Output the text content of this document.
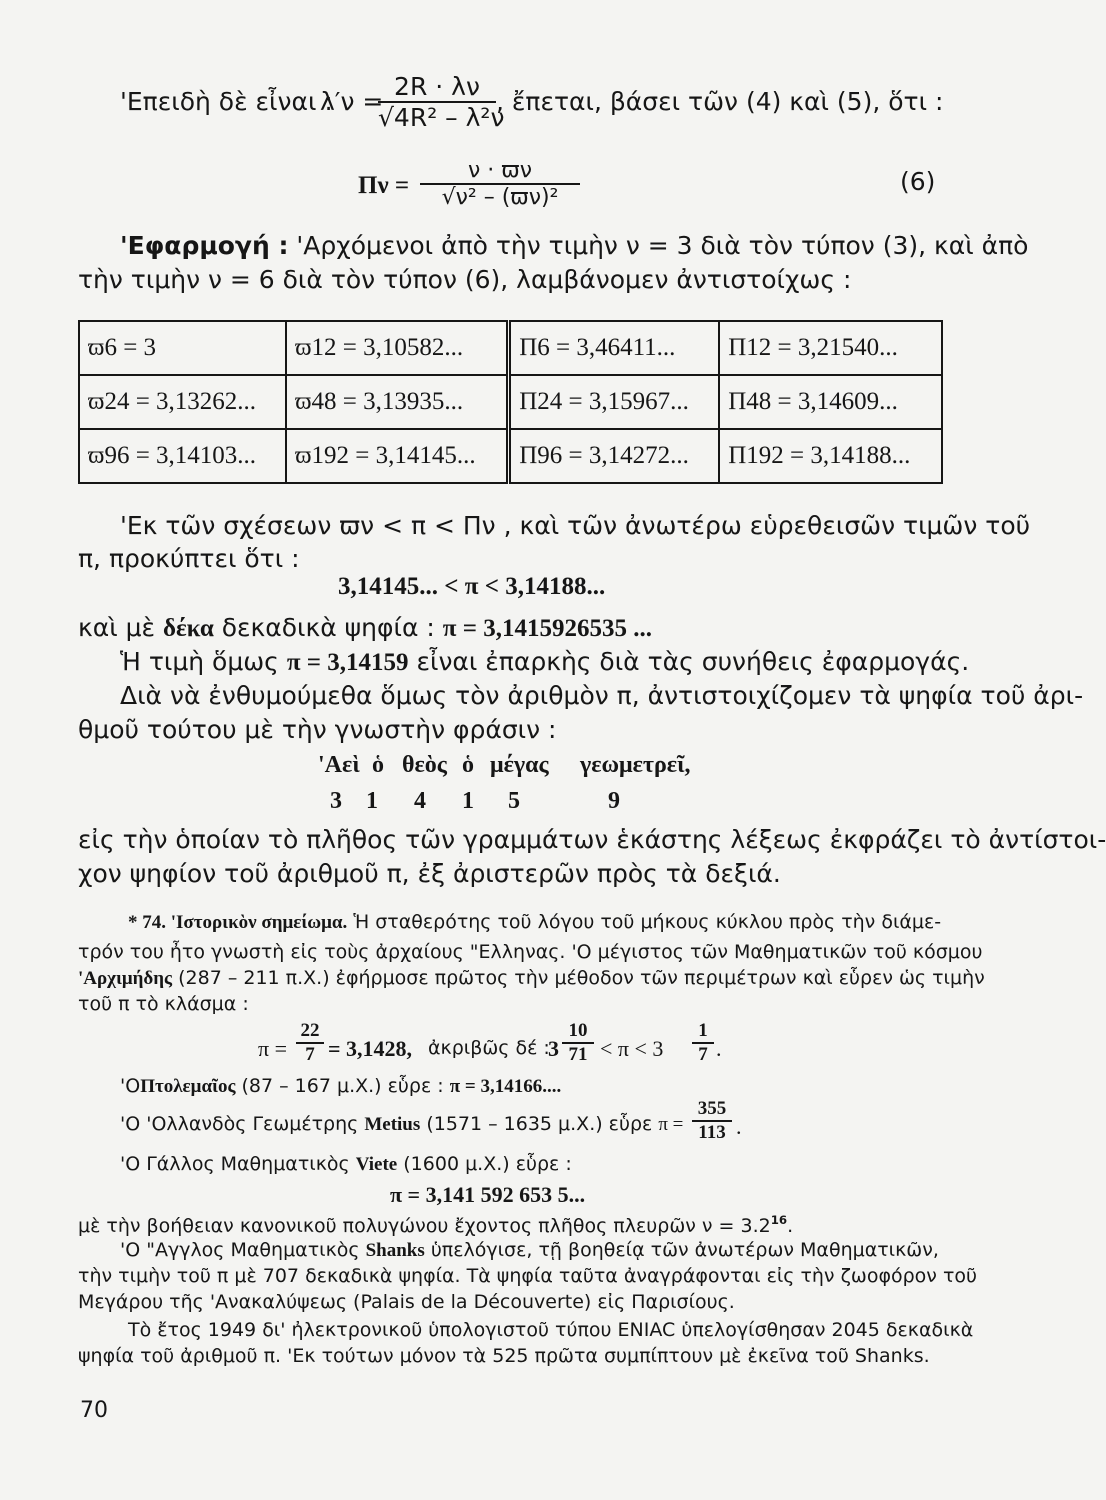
'Επειδὴ δὲ εἶναι :
λ′ν =
$\frac{2R \cdot \lambda\nu}{\text{√4R² – λ²ν}}$ , ἔπεται, βάσει τῶν (4) καὶ (5), ὅτι :
$\Pi\nu = \frac{\nu \cdot ϖ\nu}{\text{√ν² – (ϖν)²}}$	(6)
'Εφαρμογή : 'Αρχόμενοι ἀπὸ τὴν τιμὴν ν = 3 διὰ τὸν τύπον (3), καὶ ἀπὸ
τὴν τιμὴν ν = 6 διὰ τὸν τύπον (6), λαμβάνομεν ἀντιστοίχως :
ϖ6 = 3	ϖ12 = 3,10582...	Π6 = 3,46411...	Π12 = 3,21540...
ϖ24 = 3,13262...	ϖ48 = 3,13935...	Π24 = 3,15967...	Π48 = 3,14609...
ϖ96 = 3,14103...	ϖ192 = 3,14145...	Π96 = 3,14272...	Π192 = 3,14188...
'Εκ τῶν σχέσεων ϖν < π < Πν , καὶ τῶν ἀνωτέρω εὑρεθεισῶν τιμῶν τοῦ
π, προκύπτει ὅτι :
3,14145... < π < 3,14188...
καὶ μὲ δέκα δεκαδικὰ ψηφία : π = 3,1415926535 ...
Ἡ τιμὴ ὅμως π = 3,14159 εἶναι ἐπαρκὴς διὰ τὰς συνήθεις ἐφαρμογάς.
Διὰ νὰ ἐνθυμούμεθα ὅμως τὸν ἀριθμὸν π, ἀντιστοιχίζομεν τὰ ψηφία τοῦ ἀρι-
θμοῦ τούτου μὲ τὴν γνωστὴν φράσιν :
'Αεὶ ὁ θεὸς ὁ μέγας γεωμετρεῖ,
3 1 4 1 5	9
εἰς τὴν ὁποίαν τὸ πλῆθος τῶν γραμμάτων ἑκάστης λέξεως ἐκφράζει τὸ ἀντίστοι-
χον ψηφίον τοῦ ἀριθμοῦ π, ἐξ ἀριστερῶν πρὸς τὰ δεξιά.
* 74. 'Ιστορικὸν σημείωμα. Ἡ σταθερότης τοῦ λόγου τοῦ μήκους κύκλου πρὸς τὴν διάμε-
τρόν του ἦτο γνωστὴ εἰς τοὺς ἀρχαίους "Ελληνας. 'Ο μέγιστος τῶν Μαθηματικῶν τοῦ κόσμου
'Αρχιμήδης (287 – 211 π.Χ.) ἐφήρμοσε πρῶτος τὴν μέθοδον τῶν περιμέτρων καὶ εὗρεν ὡς τιμὴν
τοῦ π τὸ κλάσμα :
$\pi = \frac{22}{7} = 3,1428$, ἀκριβῶς δέ :
$3 \frac{10}{71} < \pi < 3 \frac{1}{7}$ .
'ΟΠτολεμαῖος (87 – 167 μ.Χ.) εὗρε : π = 3,14166....
'Ο 'Ολλανδὸς Γεωμέτρης Metius (1571 – 1635 μ.Χ.) εὗρε $\pi = \frac{355}{113}$ .
'Ο Γάλλος Μαθηματικὸς Viete (1600 μ.Χ.) εὗρε :
π = 3,141 592 653 5...
μὲ τὴν βοήθειαν κανονικοῦ πολυγώνου ἔχοντος πλῆθος πλευρῶν $\nu = 3.2^{16}$.
'Ο "Αγγλος Μαθηματικὸς Shanks ὑπελόγισε, τῇ βοηθείᾳ τῶν ἀνωτέρων Μαθηματικῶν,
τὴν τιμὴν τοῦ π μὲ 707 δεκαδικὰ ψηφία. Τὰ ψηφία ταῦτα ἀναγράφονται εἰς τὴν ζωοφόρον τοῦ
Μεγάρου τῆς 'Ανακαλύψεως (Palais de la Découverte) εἰς Παρισίους.
Τὸ ἔτος 1949 δι' ἠλεκτρονικοῦ ὑπολογιστοῦ τύπου ENIAC ὑπελογίσθησαν 2045 δεκαδικὰ
ψηφία τοῦ ἀριθμοῦ π. 'Εκ τούτων μόνον τὰ 525 πρῶτα συμπίπτουν μὲ ἐκεῖνα τοῦ Shanks.
70
